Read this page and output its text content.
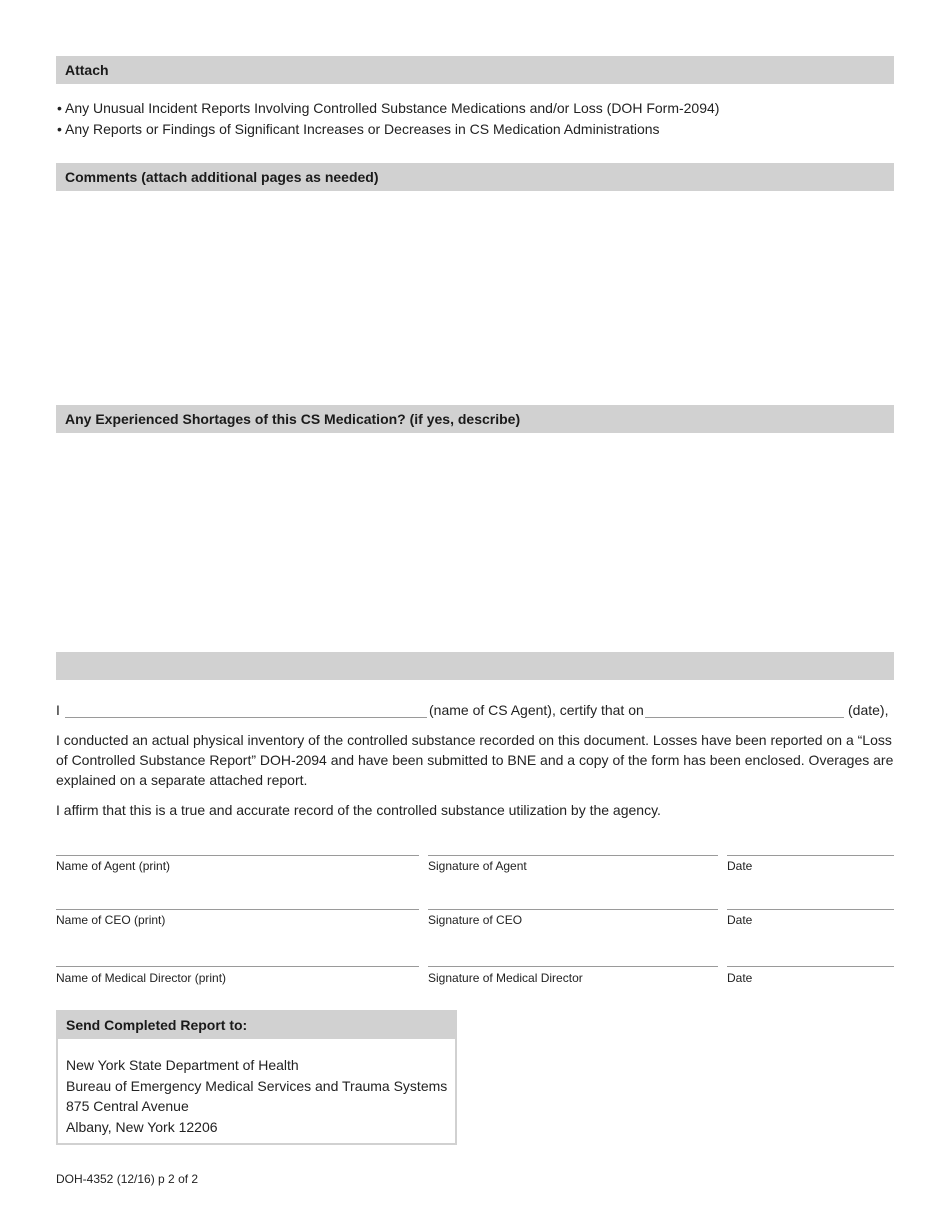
Attach
• Any Unusual Incident Reports Involving Controlled Substance Medications and/or Loss (DOH Form-2094)
• Any Reports or Findings of Significant Increases or Decreases in CS Medication Administrations
Comments (attach additional pages as needed)
Any Experienced Shortages of this CS Medication? (if yes, describe)
I	(name of CS Agent), certify that on	(date),
I conducted an actual physical inventory of the controlled substance recorded on this document. Losses have been reported on a “Loss of Controlled Substance Report” DOH-2094 and have been submitted to BNE and a copy of the form has been enclosed. Overages are explained on a separate attached report.
I affirm that this is a true and accurate record of the controlled substance utilization by the agency.
Name of Agent (print)	Signature of Agent	Date
Name of CEO (print)	Signature of CEO	Date
Name of Medical Director (print)	Signature of Medical Director	Date
Send Completed Report to:
New York State Department of Health
Bureau of Emergency Medical Services and Trauma Systems
875 Central Avenue
Albany, New York 12206
DOH-4352 (12/16) p 2 of 2
